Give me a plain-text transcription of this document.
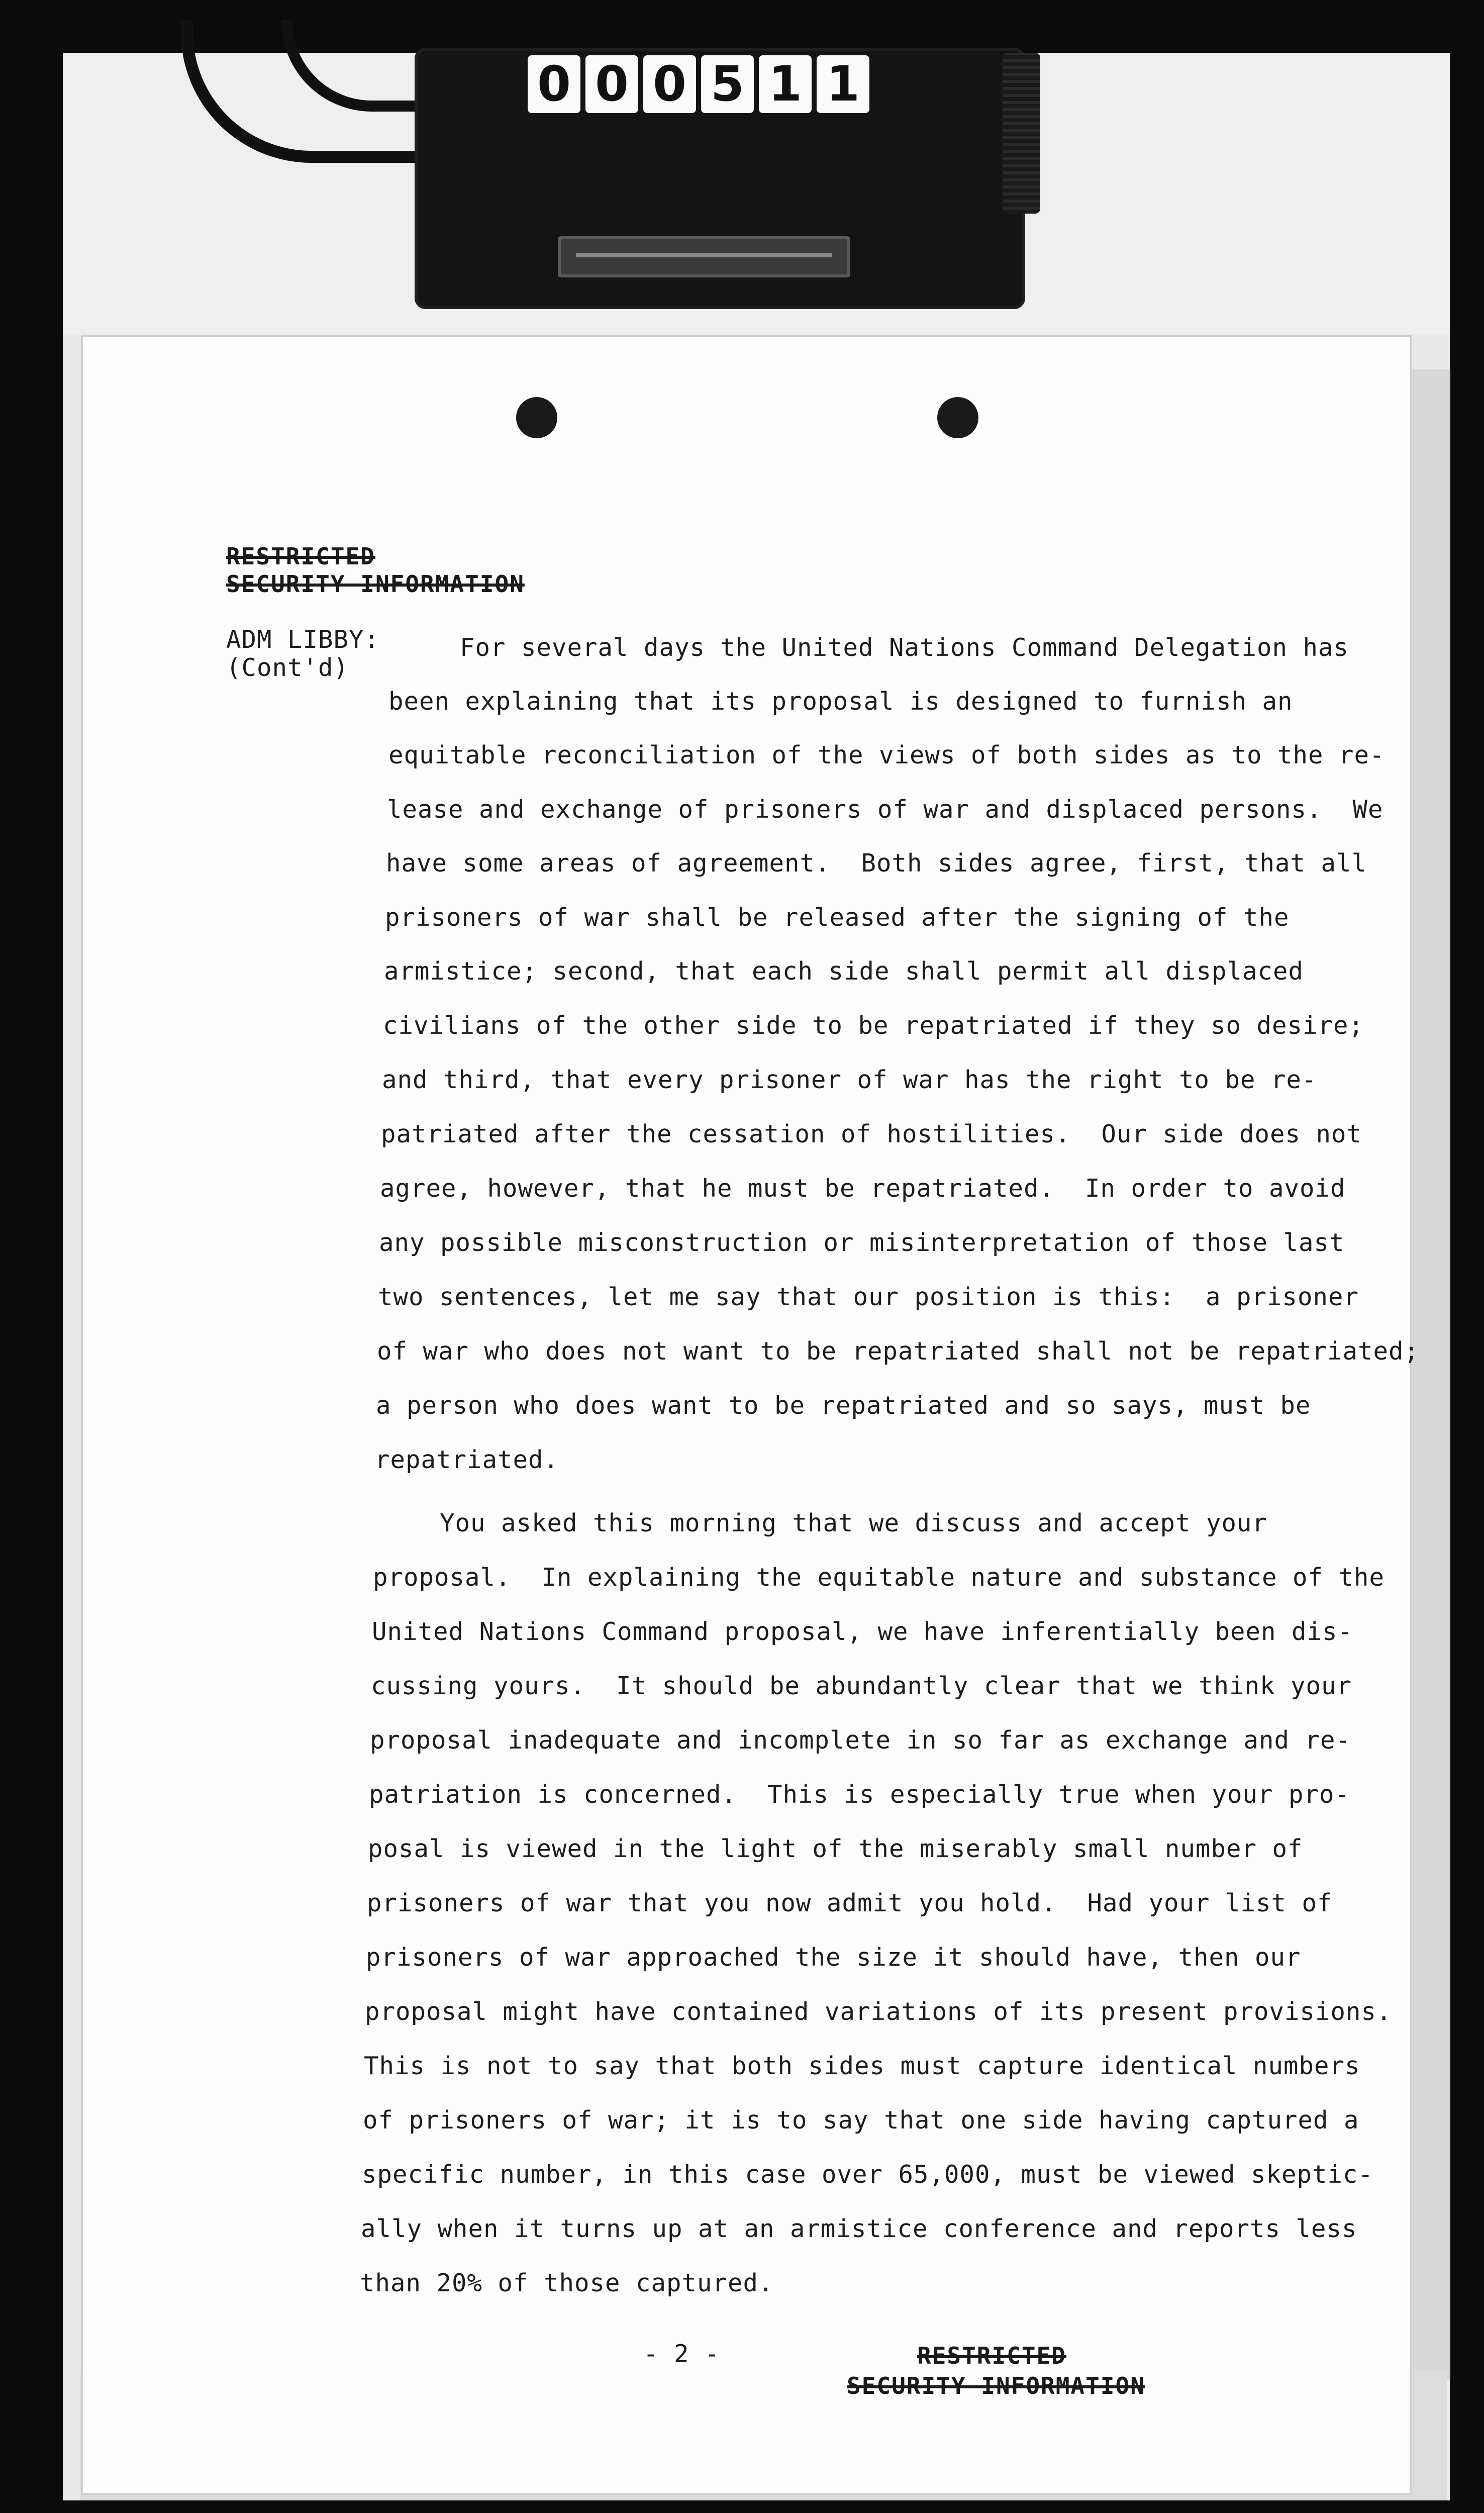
0 0 0 5 1 1
RESTRICTED
SECURITY INFORMATION
ADM LIBBY:
(Cont'd)
For several days the United Nations Command Delegation has
been explaining that its proposal is designed to furnish an
equitable reconciliation of the views of both sides as to the re-
lease and exchange of prisoners of war and displaced persons.  We
have some areas of agreement.  Both sides agree, first, that all
prisoners of war shall be released after the signing of the
armistice; second, that each side shall permit all displaced
civilians of the other side to be repatriated if they so desire;
and third, that every prisoner of war has the right to be re-
patriated after the cessation of hostilities.  Our side does not
agree, however, that he must be repatriated.  In order to avoid
any possible misconstruction or misinterpretation of those last
two sentences, let me say that our position is this:  a prisoner
of war who does not want to be repatriated shall not be repatriated;
a person who does want to be repatriated and so says, must be
repatriated.
You asked this morning that we discuss and accept your
proposal.  In explaining the equitable nature and substance of the
United Nations Command proposal, we have inferentially been dis-
cussing yours.  It should be abundantly clear that we think your
proposal inadequate and incomplete in so far as exchange and re-
patriation is concerned.  This is especially true when your pro-
posal is viewed in the light of the miserably small number of
prisoners of war that you now admit you hold.  Had your list of
prisoners of war approached the size it should have, then our
proposal might have contained variations of its present provisions.
This is not to say that both sides must capture identical numbers
of prisoners of war; it is to say that one side having captured a
specific number, in this case over 65,000, must be viewed skeptic-
ally when it turns up at an armistice conference and reports less
than 20% of those captured.
- 2 -	RESTRICTED
SECURITY INFORMATION
